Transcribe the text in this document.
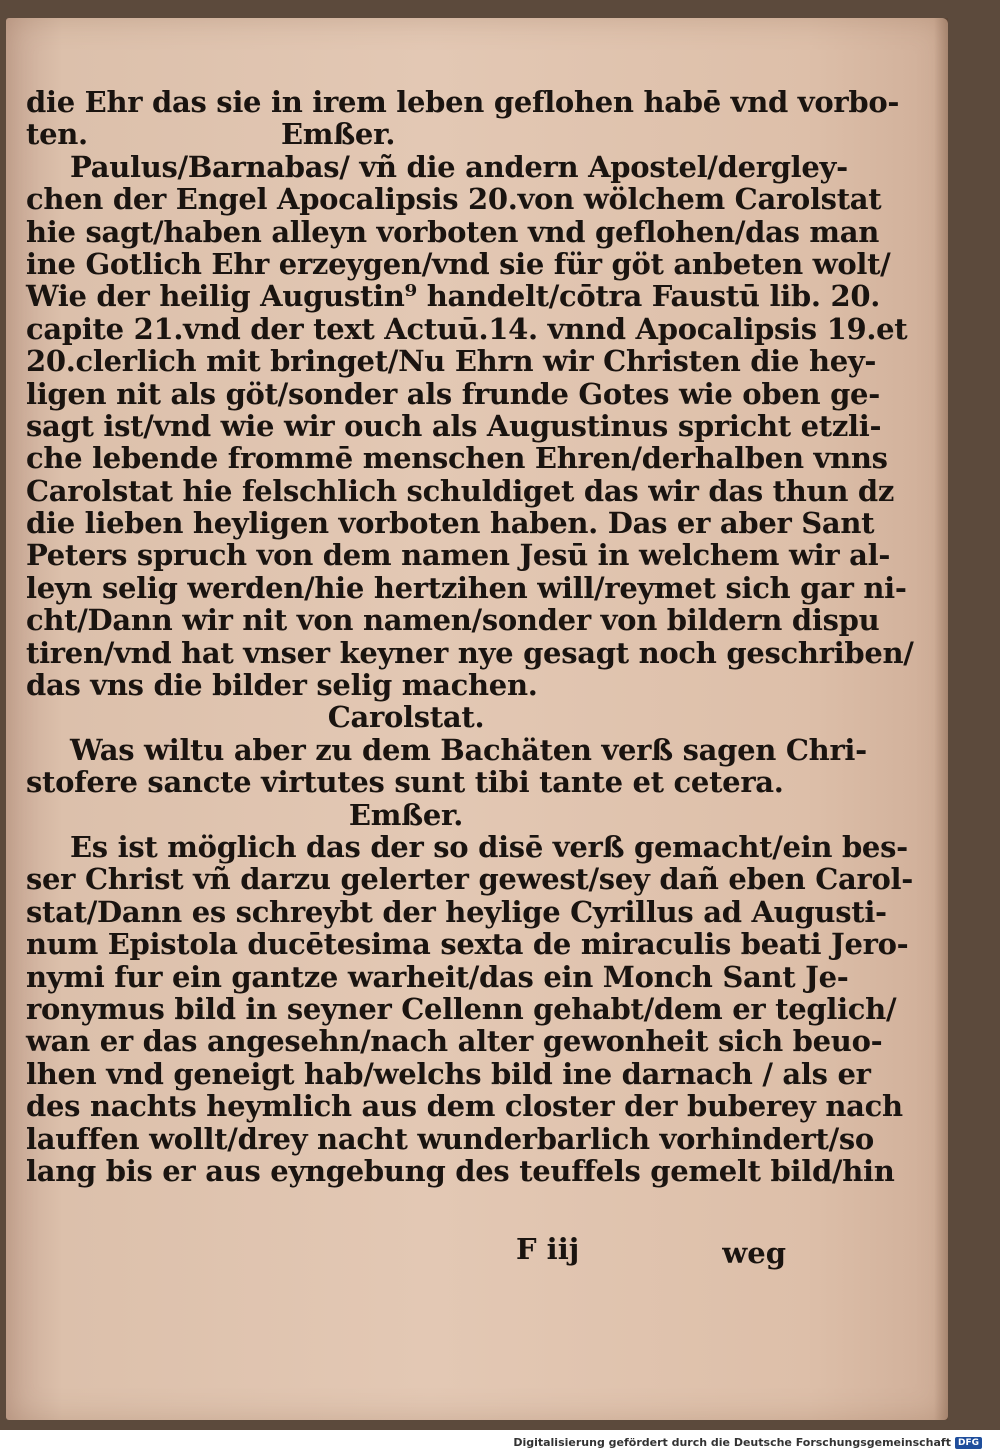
die Ehr das sie in irem leben geflohen habē vnd vorbo-
ten.	Emßer.
Paulus/Barnabas/ vñ die andern Apostel/dergley-
chen der Engel Apocalipsis 20.von wölchem Carolstat
hie sagt/haben alleyn vorboten vnd geflohen/das man
ine Gotlich Ehr erzeygen/vnd sie für göt anbeten wolt/
Wie der heilig Augustin⁹ handelt/cōtra Faustū lib. 20.
capite 21.vnd der text Actuū.14. vnnd Apocalipsis 19.et
20.clerlich mit bringet/Nu Ehrn wir Christen die hey-
ligen nit als göt/sonder als frunde Gotes wie oben ge-
sagt ist/vnd wie wir ouch als Augustinus spricht etzli-
che lebende frommē menschen Ehren/derhalben vnns
Carolstat hie felschlich schuldiget das wir das thun dz
die lieben heyligen vorboten haben. Das er aber Sant
Peters spruch von dem namen Jesū in welchem wir al-
leyn selig werden/hie hertzihen will/reymet sich gar ni-
cht/Dann wir nit von namen/sonder von bildern dispu
tiren/vnd hat vnser keyner nye gesagt noch geschriben/
das vns die bilder selig machen.
Carolstat.
Was wiltu aber zu dem Bachäten verß sagen Chri-
stofere sancte virtutes sunt tibi tante et cetera.
Emßer.
Es ist möglich das der so disē verß gemacht/ein bes-
ser Christ vñ darzu gelerter gewest/sey dañ eben Carol-
stat/Dann es schreybt der heylige Cyrillus ad Augusti-
num Epistola ducētesima sexta de miraculis beati Jero-
nymi fur ein gantze warheit/das ein Monch Sant Je-
ronymus bild in seyner Cellenn gehabt/dem er teglich/
wan er das angesehn/nach alter gewonheit sich beuo-
lhen vnd geneigt hab/welchs bild ine darnach / als er
des nachts heymlich aus dem closter der buberey nach
lauffen wollt/drey nacht wunderbarlich vorhindert/so
lang bis er aus eyngebung des teuffels gemelt bild/hin
F iij	weg
Digitalisierung gefördert durch die Deutsche Forschungsgemeinschaft DFG
